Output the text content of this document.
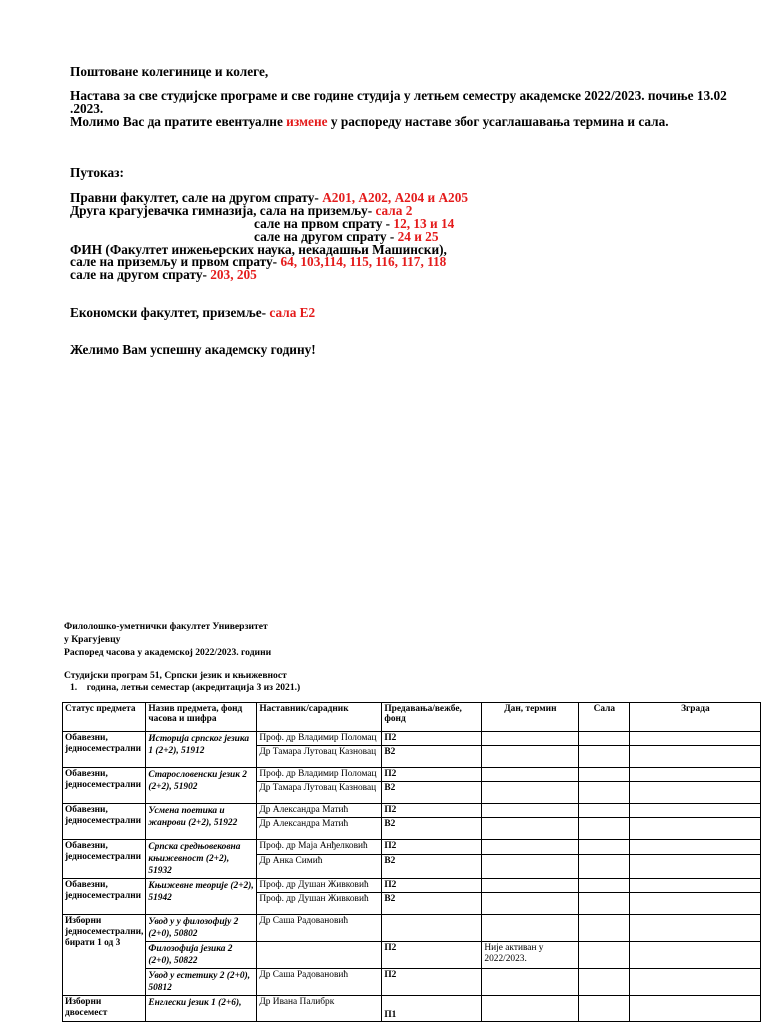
Поштоване колегинице и колеге,
Настава за све студијске програме и све године студија у летњем семестру академске 2022/2023. почиње 13.02
.2023.
Молимо Вас да пратите евентуалне измене у распореду наставе због усаглашавања термина и сала.
Путоказ:
Правни факултет, сале на другом спрату- А201, А202, А204 и А205
Друга крагујевачка гимназија, сала на приземљу- сала 2
сале на првом спрату - 12, 13 и 14
сале на другом спрату - 24 и 25
ФИН (Факултет инжењерских наука, некадашњи Машински),
сале на приземљу и првом спрату- 64, 103,114, 115, 116, 117, 118
сале на другом спрату- 203, 205
Економски факултет, приземље- сала Е2
Желимо Вам успешну академску годину!
Филолошко-уметнички факултет Универзитет
у Крагујевцу
Распоред часова у академској 2022/2023. години
Студијски програм 51, Српски језик и књижевност
1. година, летњи семестар (акредитација 3 из 2021.)
Статус предмета	Назив предмета, фонд часова и шифра	Наставник/сарадник	Предавања/вежбе, фонд	Дан, термин	Сала	Зграда
Обавезни, једносеместрални	Историја српског језика 1 (2+2), 51912	Проф. др Владимир Поломац	П2			
		Др Тамара Лутовац Казновац	В2			
Обавезни, једносеместрални	Старословенски језик 2 (2+2), 51902	Проф. др Владимир Поломац	П2			
		Др Тамара Лутовац Казновац	В2			
Обавезни, једносеместрални	Усмена поетика и жанрови (2+2), 51922	Др Александра Матић	П2			
		Др Александра Матић	В2			
Обавезни, једносеместрални	Српска средњовековна књижевност (2+2), 51932	Проф. др Маја Анђелковић	П2			
		Др Анка Симић	В2			
Обавезни, једносеместрални	Књижевне теорије (2+2), 51942	Проф. др Душан Живковић	П2			
		Проф. др Душан Живковић	В2			
Изборни једносеместрални, бирати 1 од 3	Увод у у филозофију 2 (2+0), 50802	Др Саша Радовановић				
	Филозофија језика 2 (2+0), 50822		П2	Није активан у 2022/2023.		
	Увод у естетику 2 (2+0), 50812	Др Саша Радовановић	П2			
Изборни двосемест	Енглески језик 1 (2+6),	Др Ивана Палибрк	П1			
